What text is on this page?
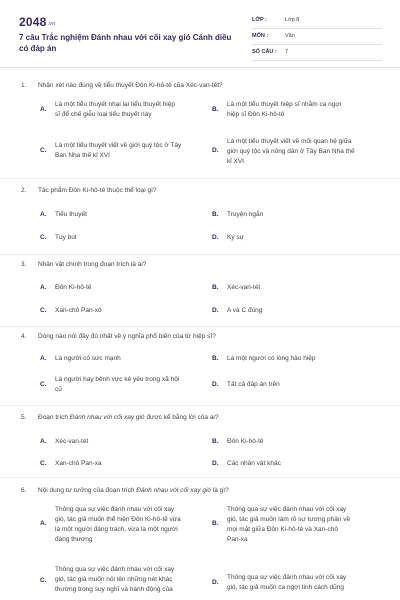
2048.vn
7 câu Trắc nghiệm Đánh nhau với cối xay gió Cánh diều có đáp án
LỚP :	Lớp 8
MÔN :	Văn
SỐ CÂU : 7
1. Nhận xét nào đúng về tiểu thuyết Đôn Ki-hô-tê của Xéc-van-tét?
A.
Là một tiểu thuyết nhại lại tiểu thuyết hiệp
sĩ để chế giễu loại tiểu thuyết này
B.
Là một tiểu thuyết hiệp sĩ nhằm ca ngợi
hiệp sĩ Đôn Ki-hô-tê
C.
Là một tiểu thuyết viết về giới quý tộc ở Tây
Ban Nha thế kỉ XVI
D.
Là một tiểu thuyết viết về mối quan hệ giữa
giới quý tộc và nông dân ở Tây Ban Nha thế
kỉ XVI
2. Tác phẩm Đôn Ki-hô-tê thuộc thể loại gì?
A. Tiểu thuyết	B. Truyện ngắn
C. Tùy bút	D. Ký sự
3. Nhân vật chính trong đoạn trích là ai?
A. Đôn Ki-hô-tê	B. Xéc-van-tét
C. Xan-chô Pan-xô	D. A và C đúng
4. Dòng nào nói đầy đủ nhất về ý nghĩa phổ biến của từ hiệp sĩ?
A. Là người có sức mạnh	B. Là một người có lòng hào hiệp
C.
Là người hay bênh vực kẻ yếu trong xã hội
cũ
D. Tất cả đáp án trên
5. Đoạn trích Đánh nhau với cối xay gió được kể bằng lời của ai?
A. Xéc-van-tét	B. Đôn Ki-hô-tê
C. Xan-chô Pan-xa	D. Các nhân vật khác
6. Nội dung tư tưởng của đoạn trích Đánh nhau với cối xay gió là gì?
A.
Thông qua sự việc đánh nhau với cối xay
gió, tác giả muốn thể hiện Đôn Ki-hô-tê vừa
là một người đáng trách, vừa là một người
đáng thương
B.
Thông qua sự việc đánh nhau với cối xay
gió, tác giả muốn làm rõ sự tương phản về
mọi mặt giữa Đôn Ki-hô-tê và Xan-chô
Pan-xa
C.
Thông qua sự việc đánh nhau với cối xay
gió, tác giả muốn nói lên những nét khác
thường trong suy nghĩ và hành động của
D.
Thông qua sự việc đánh nhau với cối xay
gió, tác giả muốn ca ngợi tinh cách dũng
